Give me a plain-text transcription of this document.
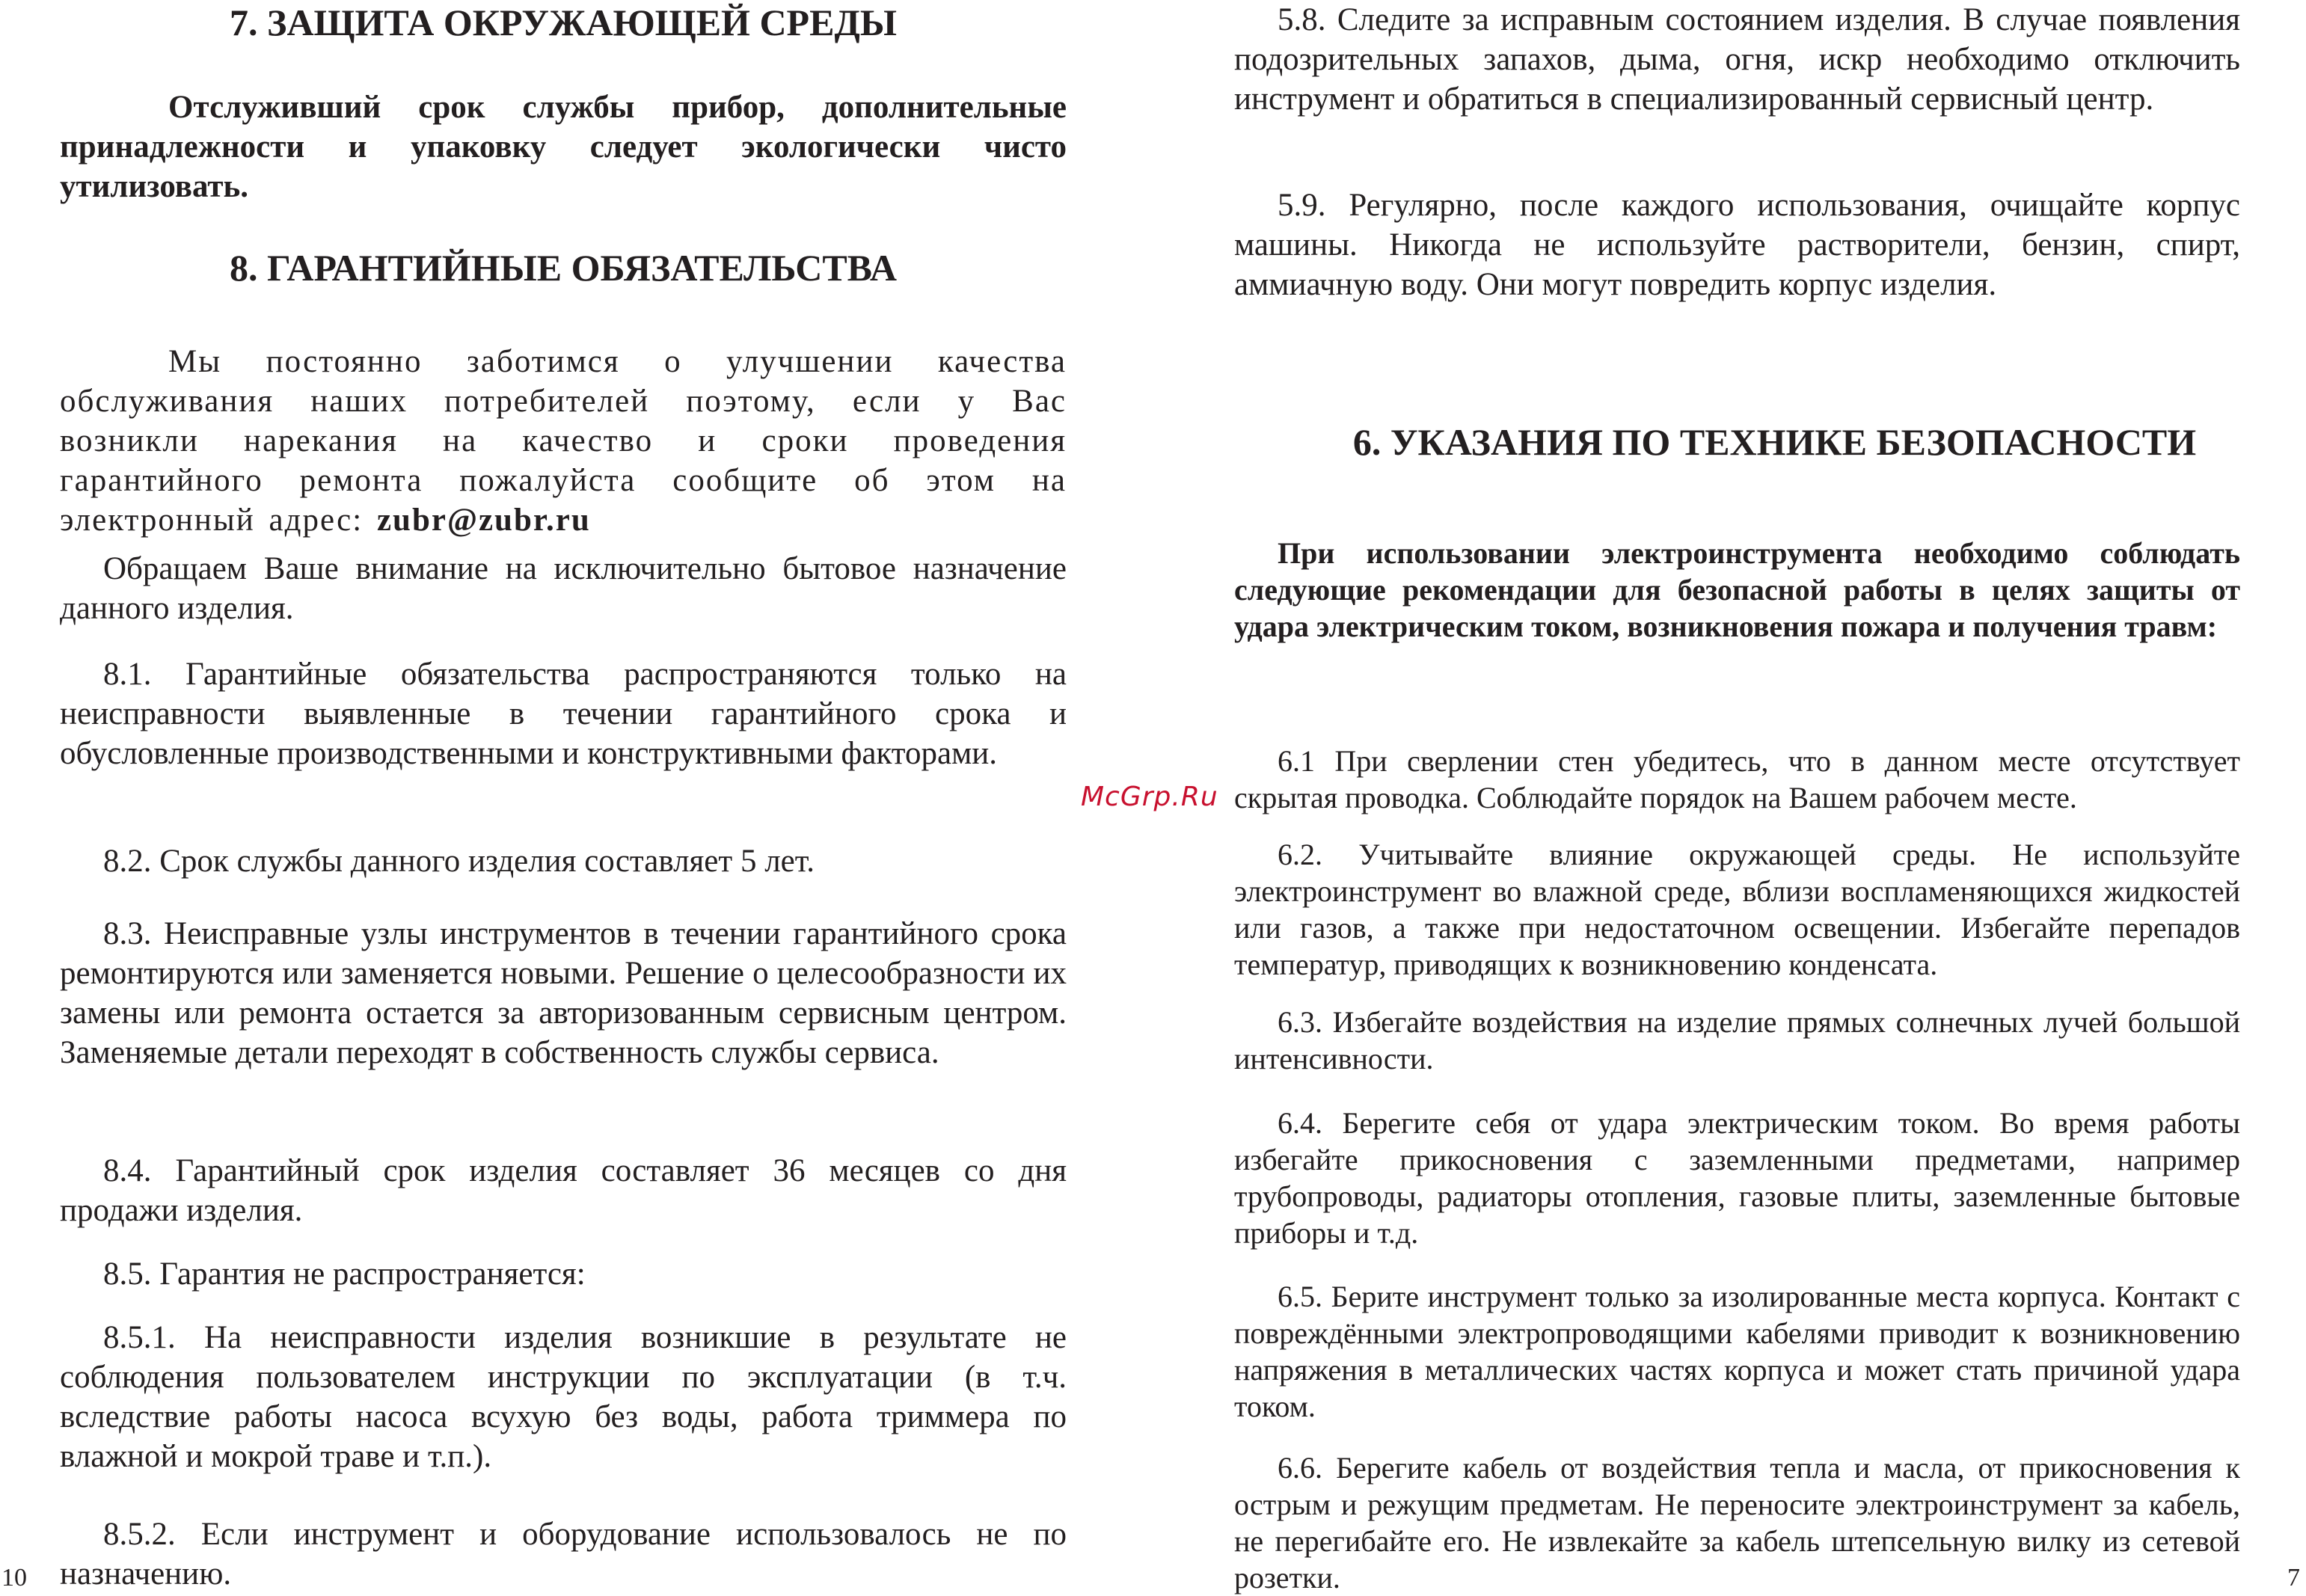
7. ЗАЩИТА ОКРУЖАЮЩЕЙ СРЕДЫ

Отслуживший срок службы прибор, дополнительные принадлежности и упаковку следует экологически чисто утилизовать.

8. ГАРАНТИЙНЫЕ ОБЯЗАТЕЛЬСТВА

Мы постоянно заботимся о улучшении качества обслуживания наших потребителей поэтому, если у Вас возникли нарекания на качество и сроки проведения гарантийного ремонта пожалуйста сообщите об этом на электронный адрес: zubr@zubr.ru

Обращаем Ваше внимание на исключительно бытовое назначение данного изделия.

8.1. Гарантийные обязательства распространяются только на неисправности выявленные в течении гарантийного срока и обусловленные производственными и конструктивными факторами.

8.2. Срок службы данного изделия составляет 5 лет.

8.3. Неисправные узлы инструментов в течении гарантийного срока ремонтируются или заменяется новыми. Решение о целесообразности их замены или ремонта остается за авторизованным сервисным центром. Заменяемые детали переходят в собственность службы сервиса.

8.4. Гарантийный срок изделия составляет 36 месяцев со дня продажи изделия.

8.5. Гарантия не распространяется:

8.5.1. На неисправности изделия возникшие в результате не соблюдения пользователем инструкции по эксплуатации (в т.ч. вследствие работы насоса всухую без воды, работа триммера по влажной и мокрой траве и т.п.).

8.5.2. Если инструмент и оборудование использовалось не по назначению.

10

5.8. Следите за исправным состоянием изделия. В случае появления подозрительных запахов, дыма, огня, искр необходимо отключить инструмент и обратиться в специализированный сервисный центр.

5.9. Регулярно, после каждого использования, очищайте корпус машины. Никогда не используйте растворители, бензин, спирт, аммиачную воду. Они могут повредить корпус изделия.

6. УКАЗАНИЯ ПО ТЕХНИКЕ БЕЗОПАСНОСТИ

При использовании электроинструмента необходимо соблюдать следующие рекомендации для безопасной работы в целях защиты от удара электрическим током, возникновения пожара и получения травм:

6.1 При сверлении стен убедитесь, что в данном месте отсутствует скрытая проводка. Соблюдайте порядок на Вашем рабочем месте.

6.2. Учитывайте влияние окружающей среды. Не используйте электроинструмент во влажной среде, вблизи воспламеняющихся жидкостей или газов, а также при недостаточном освещении. Избегайте перепадов температур, приводящих к возникновению конденсата.

6.3. Избегайте воздействия на изделие прямых солнечных лучей большой интенсивности.

6.4. Берегите себя от удара электрическим током. Во время работы избегайте прикосновения с заземленными предметами, например трубопроводы, радиаторы отопления, газовые плиты, заземленные бытовые приборы и т.д.

6.5. Берите инструмент только за изолированные места корпуса. Контакт с повреждёнными электропроводящими кабелями приводит к возникновению напряжения в металлических частях корпуса и может стать причиной удара током.

6.6. Берегите кабель от воздействия тепла и масла, от прикосновения к острым и режущим предметам. Не переносите электроинструмент за кабель, не перегибайте его. Не извлекайте за кабель штепсельную вилку из сетевой розетки.	7
McGrp.Ru
